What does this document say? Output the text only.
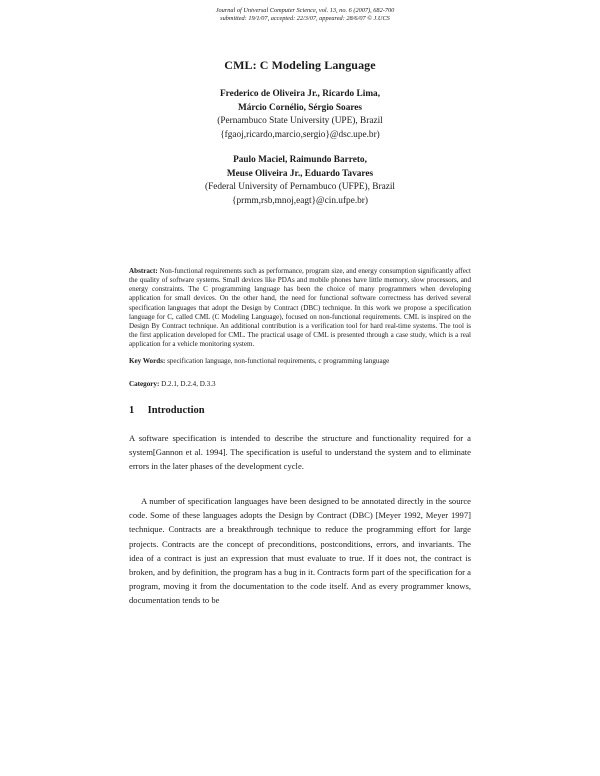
Journal of Universal Computer Science, vol. 13, no. 6 (2007), 682-700
submitted: 19/1/07, accepted: 22/3/07, appeared: 28/6/07 © J.UCS
CML: C Modeling Language
Frederico de Oliveira Jr., Ricardo Lima,
Márcio Cornélio, Sérgio Soares
(Pernambuco State University (UPE), Brazil
{fgaoj,ricardo,marcio,sergio}@dsc.upe.br)
Paulo Maciel, Raimundo Barreto,
Meuse Oliveira Jr., Eduardo Tavares
(Federal University of Pernambuco (UFPE), Brazil
{prmm,rsb,mnoj,eagt}@cin.ufpe.br)
Abstract: Non-functional requirements such as performance, program size, and energy consumption significantly affect the quality of software systems. Small devices like PDAs and mobile phones have little memory, slow processors, and energy constraints. The C programming language has been the choice of many programmers when developing application for small devices. On the other hand, the need for functional software correctness has derived several specification languages that adopt the Design by Contract (DBC) technique. In this work we propose a specification language for C, called CML (C Modeling Language), focused on non-functional requirements. CML is inspired on the Design By Contract technique. An additional contribution is a verification tool for hard real-time systems. The tool is the first application developed for CML. The practical usage of CML is presented through a case study, which is a real application for a vehicle monitoring system.
Key Words: specification language, non-functional requirements, c programming language
Category: D.2.1, D.2.4, D.3.3
1 Introduction

A software specification is intended to describe the structure and functionality required for a system[Gannon et al. 1994]. The specification is useful to understand the system and to eliminate errors in the later phases of the development cycle.

A number of specification languages have been designed to be annotated directly in the source code. Some of these languages adopts the Design by Contract (DBC) [Meyer 1992, Meyer 1997] technique. Contracts are a breakthrough technique to reduce the programming effort for large projects. Contracts are the concept of preconditions, postconditions, errors, and invariants. The idea of a contract is just an expression that must evaluate to true. If it does not, the contract is broken, and by definition, the program has a bug in it. Contracts form part of the specification for a program, moving it from the documentation to the code itself. And as every programmer knows, documentation tends to be
